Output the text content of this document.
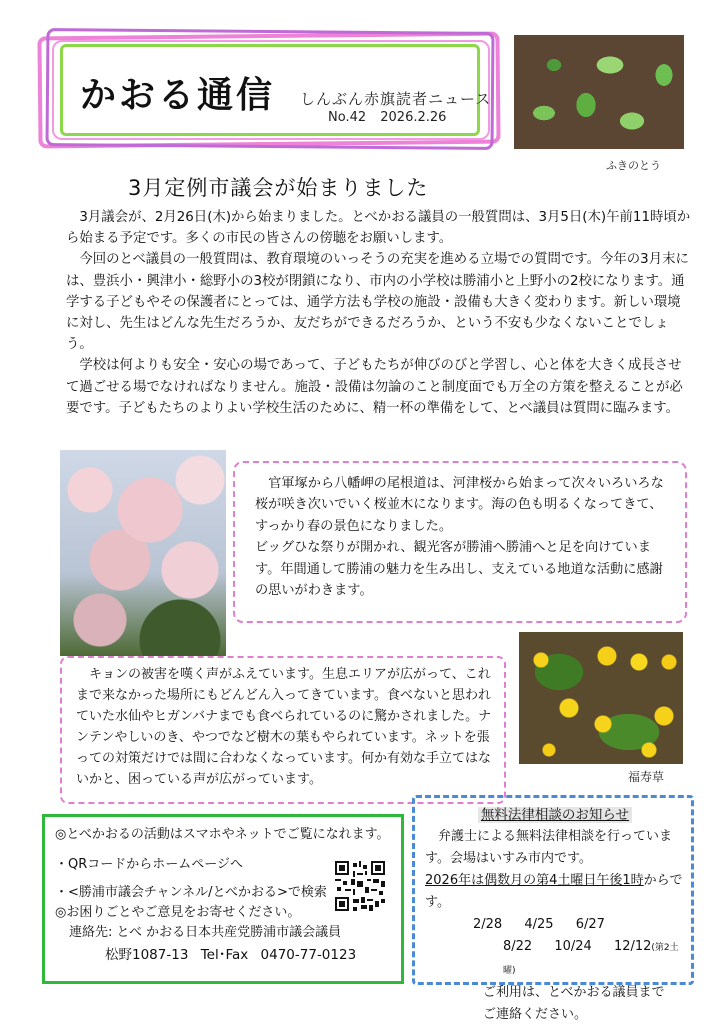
かおる通信 しんぶん赤旗読者ニュース
No.42 2026.2.26
ふきのとう
3月定例市議会が始まりました

3月議会が、2月26日(木)から始まりました。とべかおる議員の一般質問は、3月5日(木)午前11時頃から始まる予定です。多くの市民の皆さんの傍聴をお願いします。

今回のとべ議員の一般質問は、教育環境のいっそうの充実を進める立場での質問です。今年の3月末には、豊浜小・興津小・総野小の3校が閉鎖になり、市内の小学校は勝浦小と上野小の2校になります。通学する子どもやその保護者にとっては、通学方法も学校の施設・設備も大きく変わります。新しい環境に対し、先生はどんな先生だろうか、友だちができるだろうか、という不安も少なくないことでしょう。

学校は何よりも安全・安心の場であって、子どもたちが伸びのびと学習し、心と体を大きく成長させて過ごせる場でなければなりません。施設・設備は勿論のこと制度面でも万全の方策を整えることが必要です。子どもたちのよりよい学校生活のために、精一杯の準備をして、とべ議員は質問に臨みます。

官軍塚から八幡岬の尾根道は、河津桜から始まって次々いろいろな桜が咲き次いでいく桜並木になります。海の色も明るくなってきて、すっかり春の景色になりました。

ビッグひな祭りが開かれ、観光客が勝浦へ勝浦へと足を向けています。年間通して勝浦の魅力を生み出し、支えている地道な活動に感謝の思いがわきます。

福寿草

キョンの被害を嘆く声がふえています。生息エリアが広がって、これまで来なかった場所にもどんどん入ってきています。食べないと思われていた水仙やヒガンバナまでも食べられているのに驚かされました。ナンテンやしいのき、やつでなど樹木の葉もやられています。ネットを張っての対策だけでは間に合わなくなっています。何か有効な手立てはないかと、困っている声が広がっています。

無料法律相談のお知らせ
弁護士による無料法律相談を行っています。会場はいすみ市内です。
2026年は偶数月の第4土曜日午後1時からです。
2/28 4/25 6/27
8/22 10/24 12/12(第2土曜)
ご利用は、とべかおる議員まで
ご連絡ください。
◎とべかおるの活動はスマホやネットでご覧になれます。
・QRコードからホームページへ
・<勝浦市議会チャンネル/とべかおる>で検索
◎お困りごとやご意見をお寄せください。
連絡先: とべ かおる日本共産党勝浦市議会議員
松野1087-13 Tel･Fax 0470-77-0123
